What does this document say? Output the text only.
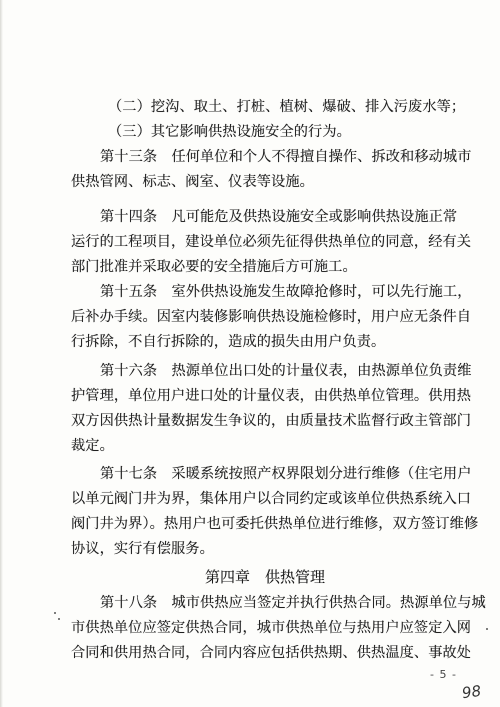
（二）挖沟、取土、打桩、植树、爆破、排入污废水等；
（三）其它影响供热设施安全的行为。
第十三条　任何单位和个人不得擅自操作、拆改和移动城市
供热管网、标志、阀室、仪表等设施。
第十四条　凡可能危及供热设施安全或影响供热设施正常
运行的工程项目，建设单位必须先征得供热单位的同意，经有关
部门批准并采取必要的安全措施后方可施工。
第十五条　室外供热设施发生故障抢修时，可以先行施工，
后补办手续。因室内装修影响供热设施检修时，用户应无条件自
行拆除，不自行拆除的，造成的损失由用户负责。
第十六条　热源单位出口处的计量仪表，由热源单位负责维
护管理，单位用户进口处的计量仪表，由供热单位管理。供用热
双方因供热计量数据发生争议的，由质量技术监督行政主管部门
裁定。
第十七条　采暖系统按照产权界限划分进行维修（住宅用户
以单元阀门井为界，集体用户以合同约定或该单位供热系统入口
阀门井为界）。热用户也可委托供热单位进行维修，双方签订维修
协议，实行有偿服务。
第四章　供热管理
第十八条　城市供热应当签定并执行供热合同。热源单位与城
市供热单位应签定供热合同，城市供热单位与热用户应签定入网
合同和供用热合同，合同内容应包括供热期、供热温度、事故处
- 5 -
98
